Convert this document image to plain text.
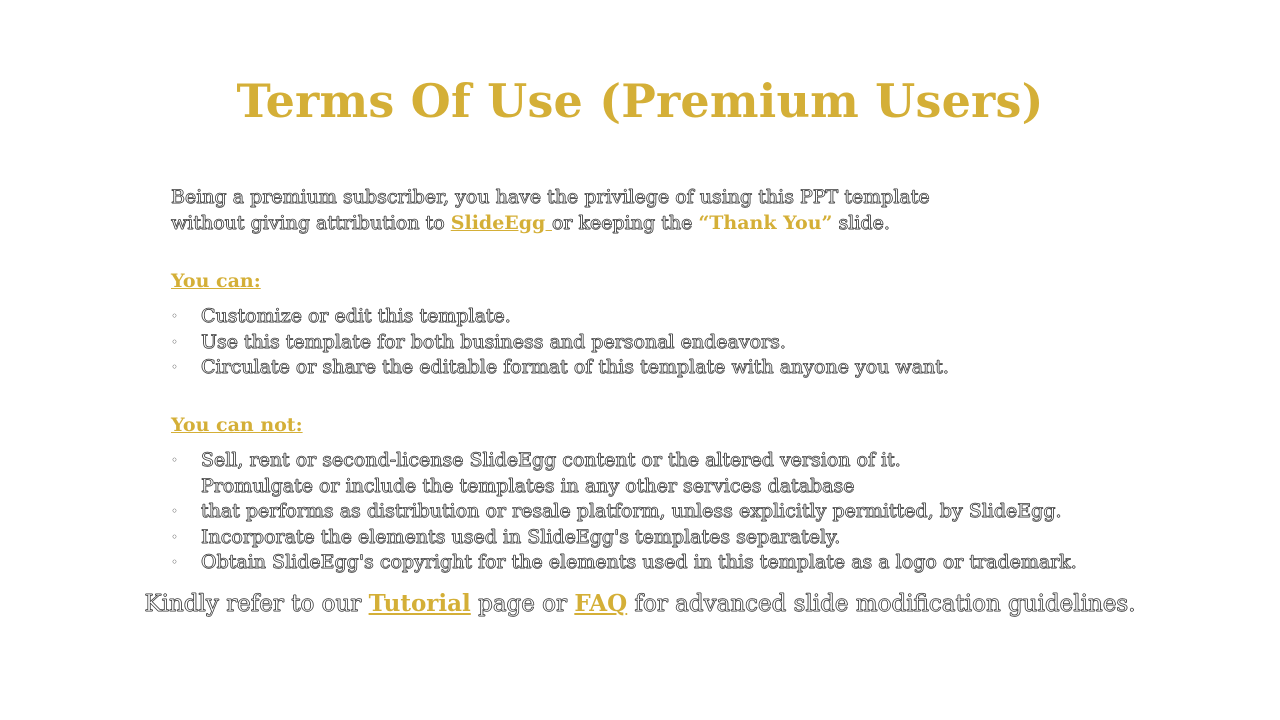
Terms Of Use (Premium Users)

Being a premium subscriber, you have the privilege of using this PPT template
without giving attribution to SlideEgg or keeping the “Thank You” slide.

You can:
◦ Customize or edit this template.
◦ Use this template for both business and personal endeavors.
◦ Circulate or share the editable format of this template with anyone you want.
You can not:
◦ Sell, rent or second-license SlideEgg content or the altered version of it.
Promulgate or include the templates in any other services database
◦ that performs as distribution or resale platform, unless explicitly permitted, by SlideEgg.
◦ Incorporate the elements used in SlideEgg's templates separately.
◦ Obtain SlideEgg's copyright for the elements used in this template as a logo or trademark.

Kindly refer to our Tutorial page or FAQ for advanced slide modification guidelines.
